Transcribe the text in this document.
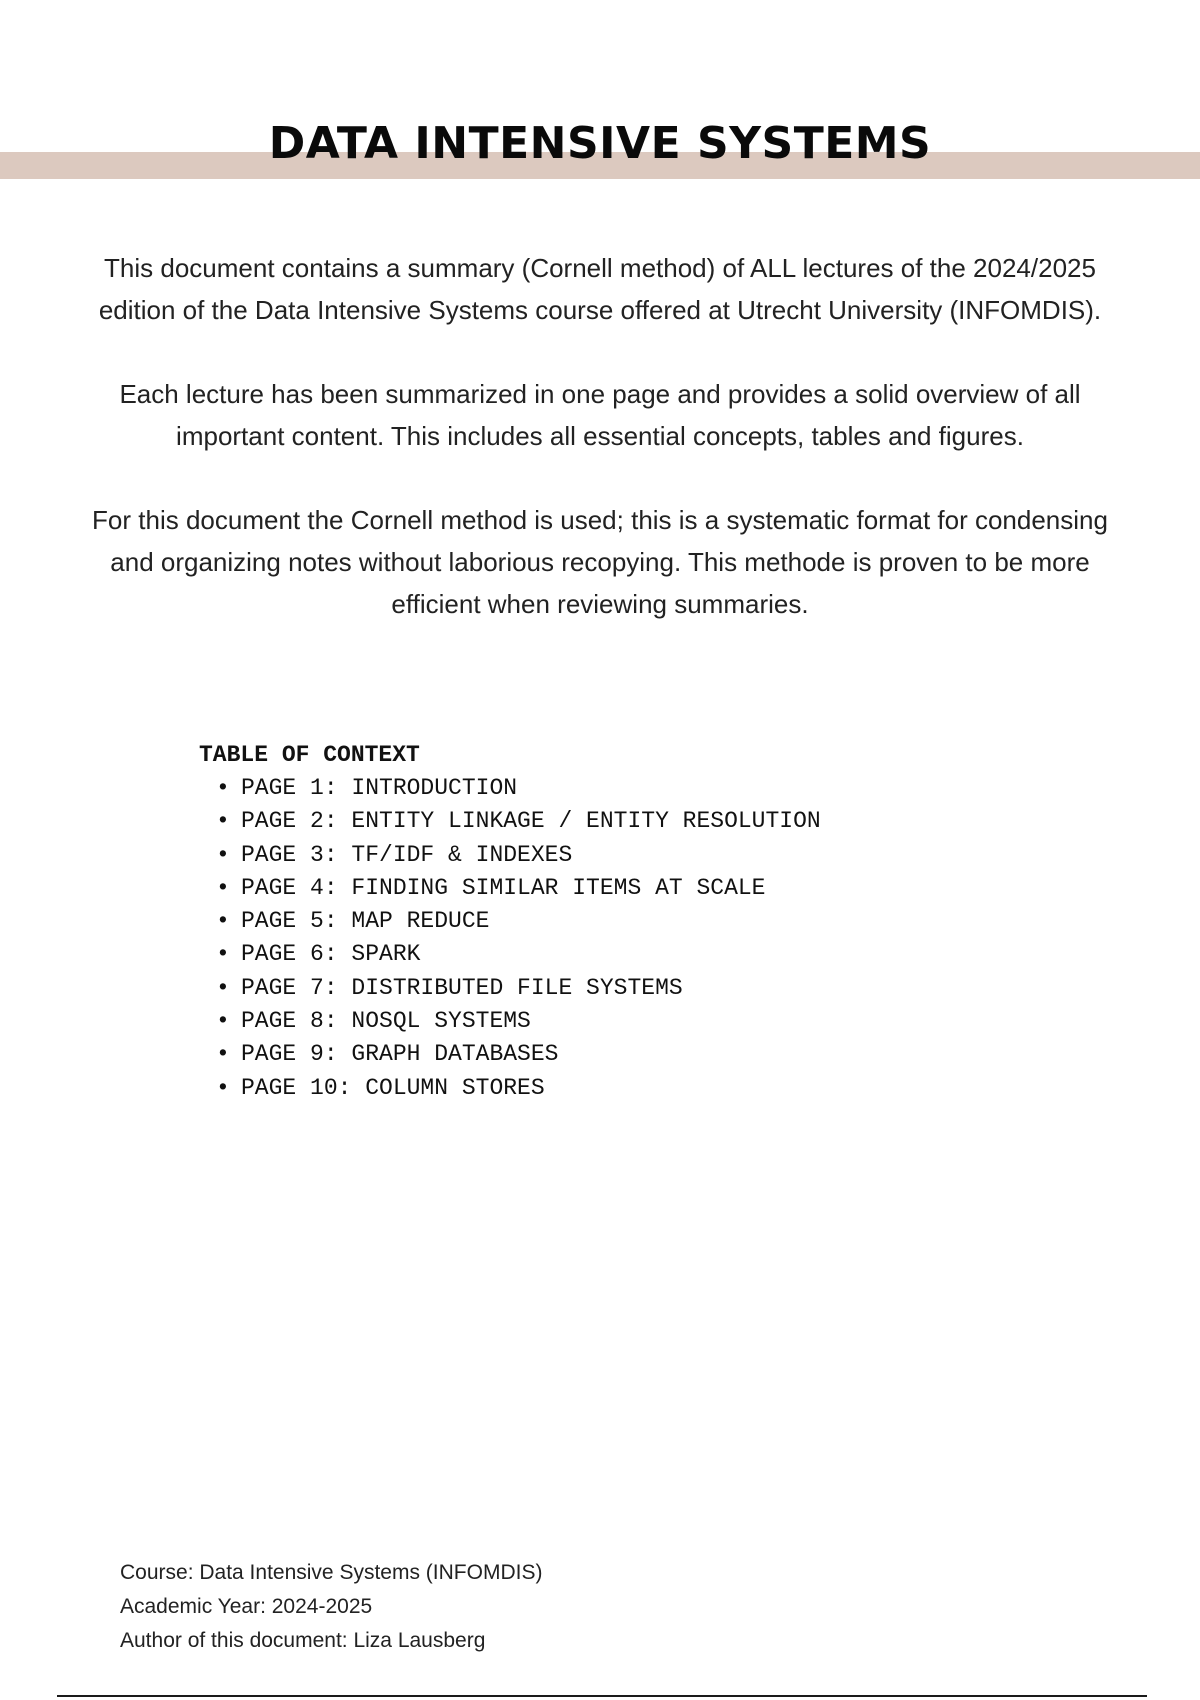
DATA INTENSIVE SYSTEMS

This document contains a summary (Cornell method) of ALL lectures of the 2024/2025 edition of the Data Intensive Systems course offered at Utrecht University (INFOMDIS).

Each lecture has been summarized in one page and provides a solid overview of all important content. This includes all essential concepts, tables and figures.

For this document the Cornell method is used; this is a systematic format for condensing and organizing notes without laborious recopying. This methode is proven to be more efficient when reviewing summaries.

TABLE OF CONTEXT
• PAGE 1: INTRODUCTION
• PAGE 2: ENTITY LINKAGE / ENTITY RESOLUTION
• PAGE 3: TF/IDF & INDEXES
• PAGE 4: FINDING SIMILAR ITEMS AT SCALE
• PAGE 5: MAP REDUCE
• PAGE 6: SPARK
• PAGE 7: DISTRIBUTED FILE SYSTEMS
• PAGE 8: NOSQL SYSTEMS
• PAGE 9: GRAPH DATABASES
• PAGE 10: COLUMN STORES
Course: Data Intensive Systems (INFOMDIS)
Academic Year: 2024-2025
Author of this document: Liza Lausberg
